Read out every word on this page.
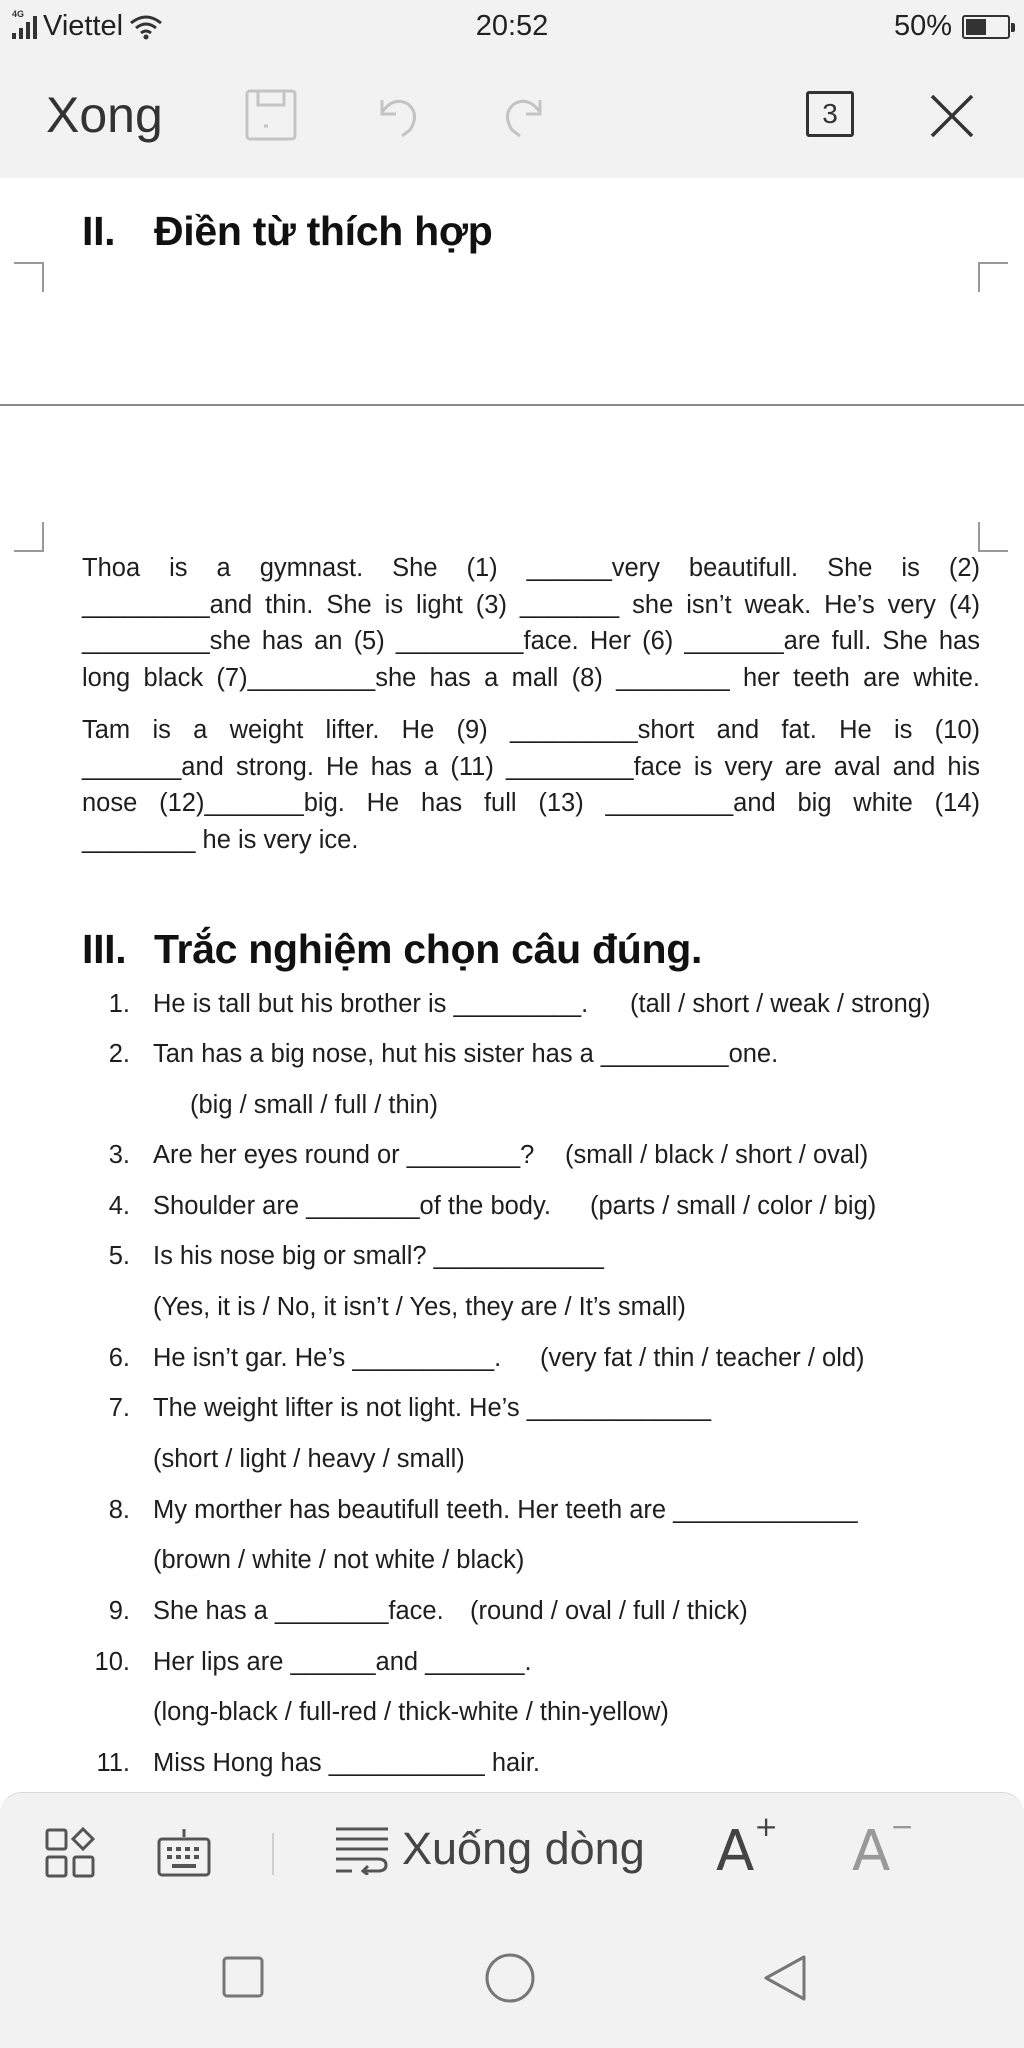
4G Viettel	20:52	50%
Xong	3
II. Điền từ thích hợp
Thoa is a gymnast. She (1) ______very beautifull. She is (2)
_________and thin. She is light (3) _______ she isn’t weak. He’s very (4)
_________she has an (5) _________face. Her (6) _______are full. She has
long black (7)_________she has a mall (8) ________ her teeth are white.
Tam is a weight lifter. He (9) _________short and fat. He is (10)
_______and strong. He has a (11) _________face is very are aval and his
nose (12)_______big. He has full (13) _________and big white (14)
________ he is very ice.
III. Trắc nghiệm chọn câu đúng.
1. He is tall but his brother is _________. (tall / short / weak / strong)
2. Tan has a big nose, hut his sister has a _________one.
(big / small / full / thin)
3. Are her eyes round or ________? (small / black / short / oval)
4. Shoulder are ________of the body. (parts / small / color / big)
5. Is his nose big or small? ____________
(Yes, it is / No, it isn’t / Yes, they are / It’s small)
6. He isn’t gar. He’s __________. (very fat / thin / teacher / old)
7. The weight lifter is not light. He’s _____________
(short / light / heavy / small)
8. My morther has beautifull teeth. Her teeth are _____________
(brown / white / not white / black)
9. She has a ________face. (round / oval / full / thick)
10. Her lips are ______and _______.
(long-black / full-red / thick-white / thin-yellow)
11. Miss Hong has ___________ hair.
Xuống dòng A+ A−
